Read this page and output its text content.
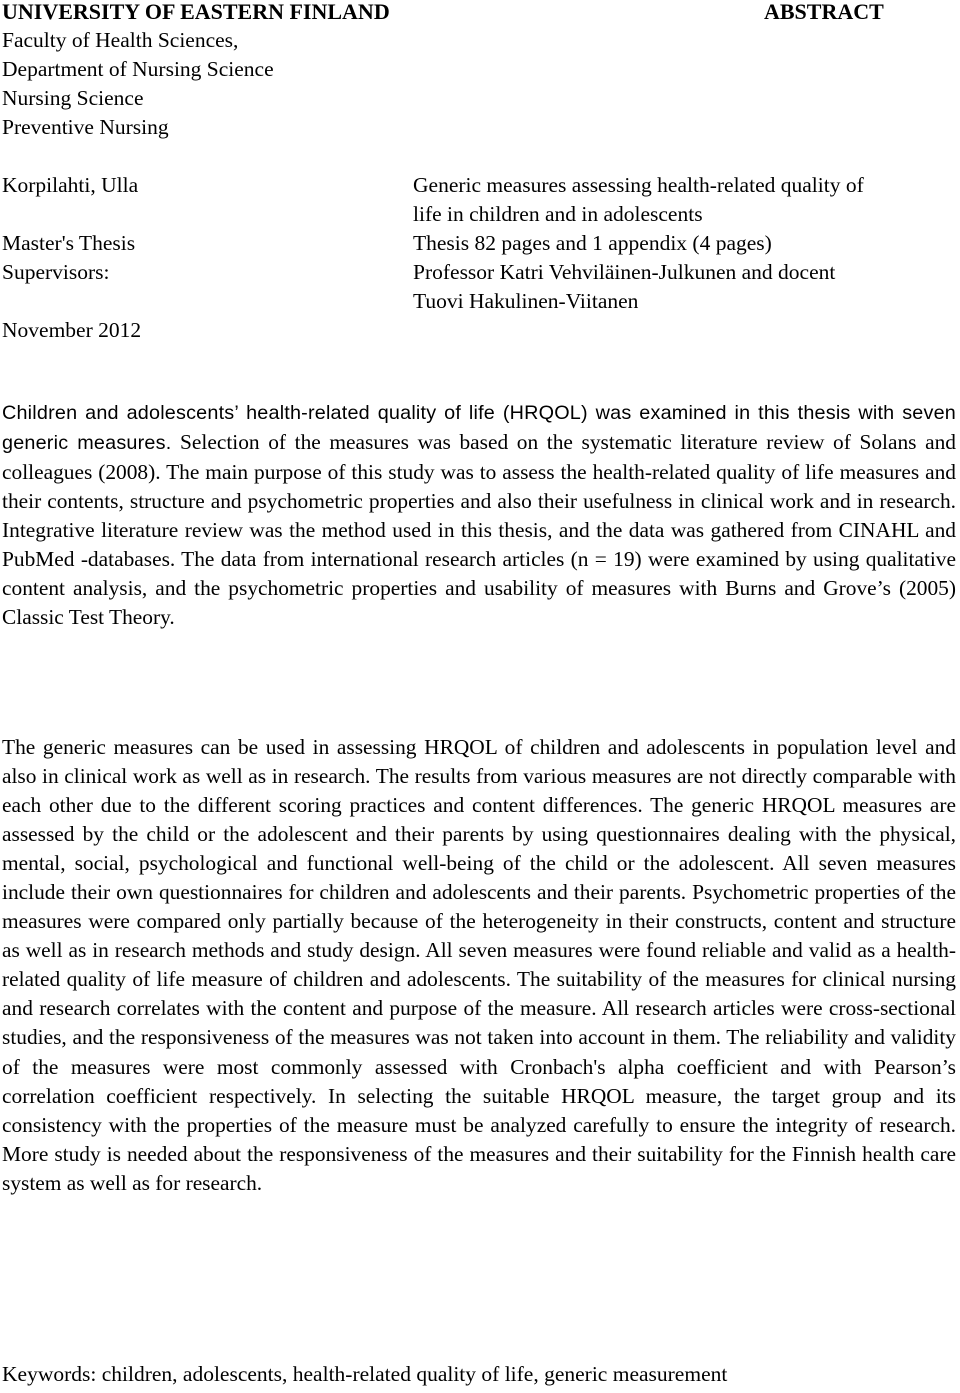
UNIVERSITY OF EASTERN FINLAND	ABSTRACT
Faculty of Health Sciences,
Department of Nursing Science
Nursing Science
Preventive Nursing
Korpilahti, Ulla	Generic measures assessing health-related quality of
life in children and in adolescents
Master's Thesis	Thesis 82 pages and 1 appendix (4 pages)
Supervisors:	Professor Katri Vehviläinen-Julkunen and docent
Tuovi Hakulinen-Viitanen
November 2012

Children and adolescents’ health-related quality of life (HRQOL) was examined in this thesis with seven generic measures. Selection of the measures was based on the systematic literature review of Solans and colleagues (2008). The main purpose of this study was to assess the health-related quality of life measures and their contents, structure and psychometric properties and also their usefulness in clinical work and in research. Integrative literature review was the method used in this thesis, and the data was gathered from CINAHL and PubMed -databases. The data from international research articles (n = 19) were examined by using qualitative content analysis, and the psychometric properties and usability of measures with Burns and Grove’s (2005) Classic Test Theory.

The generic measures can be used in assessing HRQOL of children and adolescents in population level and also in clinical work as well as in research. The results from various measures are not directly comparable with each other due to the different scoring practices and content differences. The generic HRQOL measures are assessed by the child or the adolescent and their parents by using questionnaires dealing with the physical, mental, social, psychological and functional well-being of the child or the adolescent. All seven measures include their own questionnaires for children and adolescents and their parents. Psychometric properties of the measures were compared only partially because of the heterogeneity in their constructs, content and structure as well as in research methods and study design. All seven measures were found reliable and valid as a health-related quality of life measure of children and adolescents. The suitability of the measures for clinical nursing and research correlates with the content and purpose of the measure. All research articles were cross-sectional studies, and the responsiveness of the measures was not taken into account in them. The reliability and validity of the measures were most commonly assessed with Cronbach's alpha coefficient and with Pearson’s correlation coefficient respectively. In selecting the suitable HRQOL measure, the target group and its consistency with the properties of the measure must be analyzed carefully to ensure the integrity of research. More study is needed about the responsiveness of the measures and their suitability for the Finnish health care system as well as for research.

Keywords: children, adolescents, health-related quality of life, generic measurement
